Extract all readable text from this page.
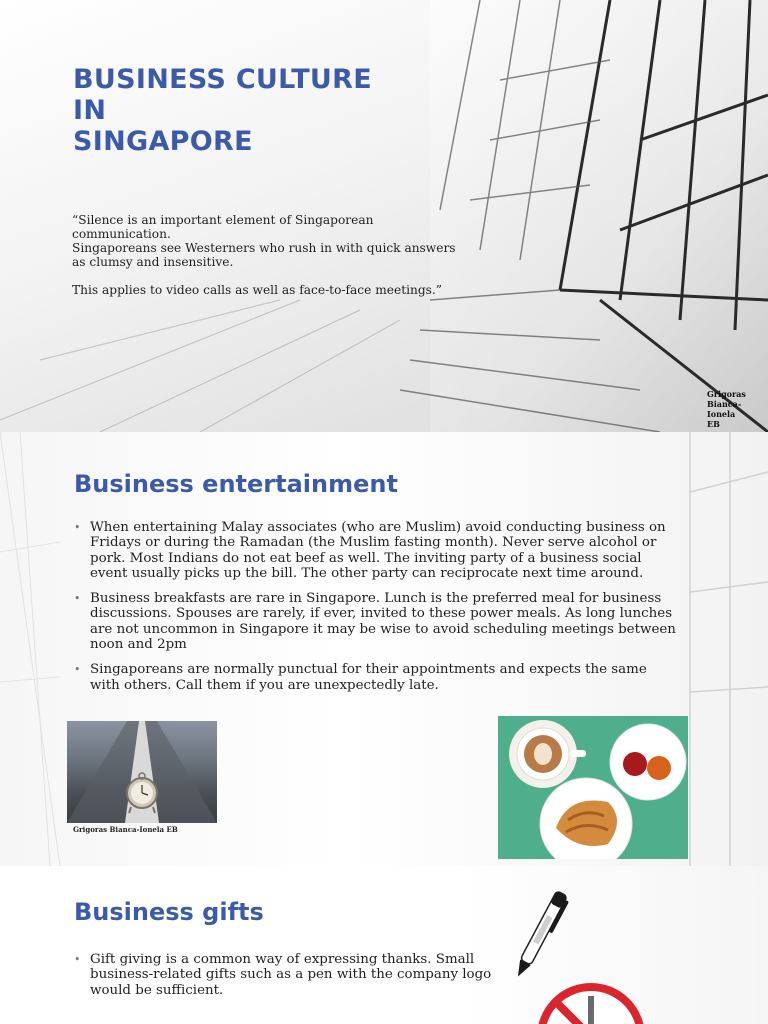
BUSINESS CULTURE
IN
SINGAPORE

“Silence is an important element of Singaporean communication.

Singaporeans see Westerners who rush in with quick answers as clumsy and insensitive.

This applies to video calls as well as face-to-face meetings.”

Grigoras
Bianca-Ionela
EB
Business entertainment
• When entertaining Malay associates (who are Muslim) avoid conducting business on Fridays or during the Ramadan (the Muslim fasting month). Never serve alcohol or pork. Most Indians do not eat beef as well. The inviting party of a business social event usually picks up the bill. The other party can reciprocate next time around.
• Business breakfasts are rare in Singapore. Lunch is the preferred meal for business discussions. Spouses are rarely, if ever, invited to these power meals. As long lunches are not uncommon in Singapore it may be wise to avoid scheduling meetings between noon and 2pm
• Singaporeans are normally punctual for their appointments and expects the same with others. Call them if you are unexpectedly late.
Grigoras Bianca-Ionela EB
Business gifts
• Gift giving is a common way of expressing thanks. Small business-related gifts such as a pen with the company logo would be sufficient.
